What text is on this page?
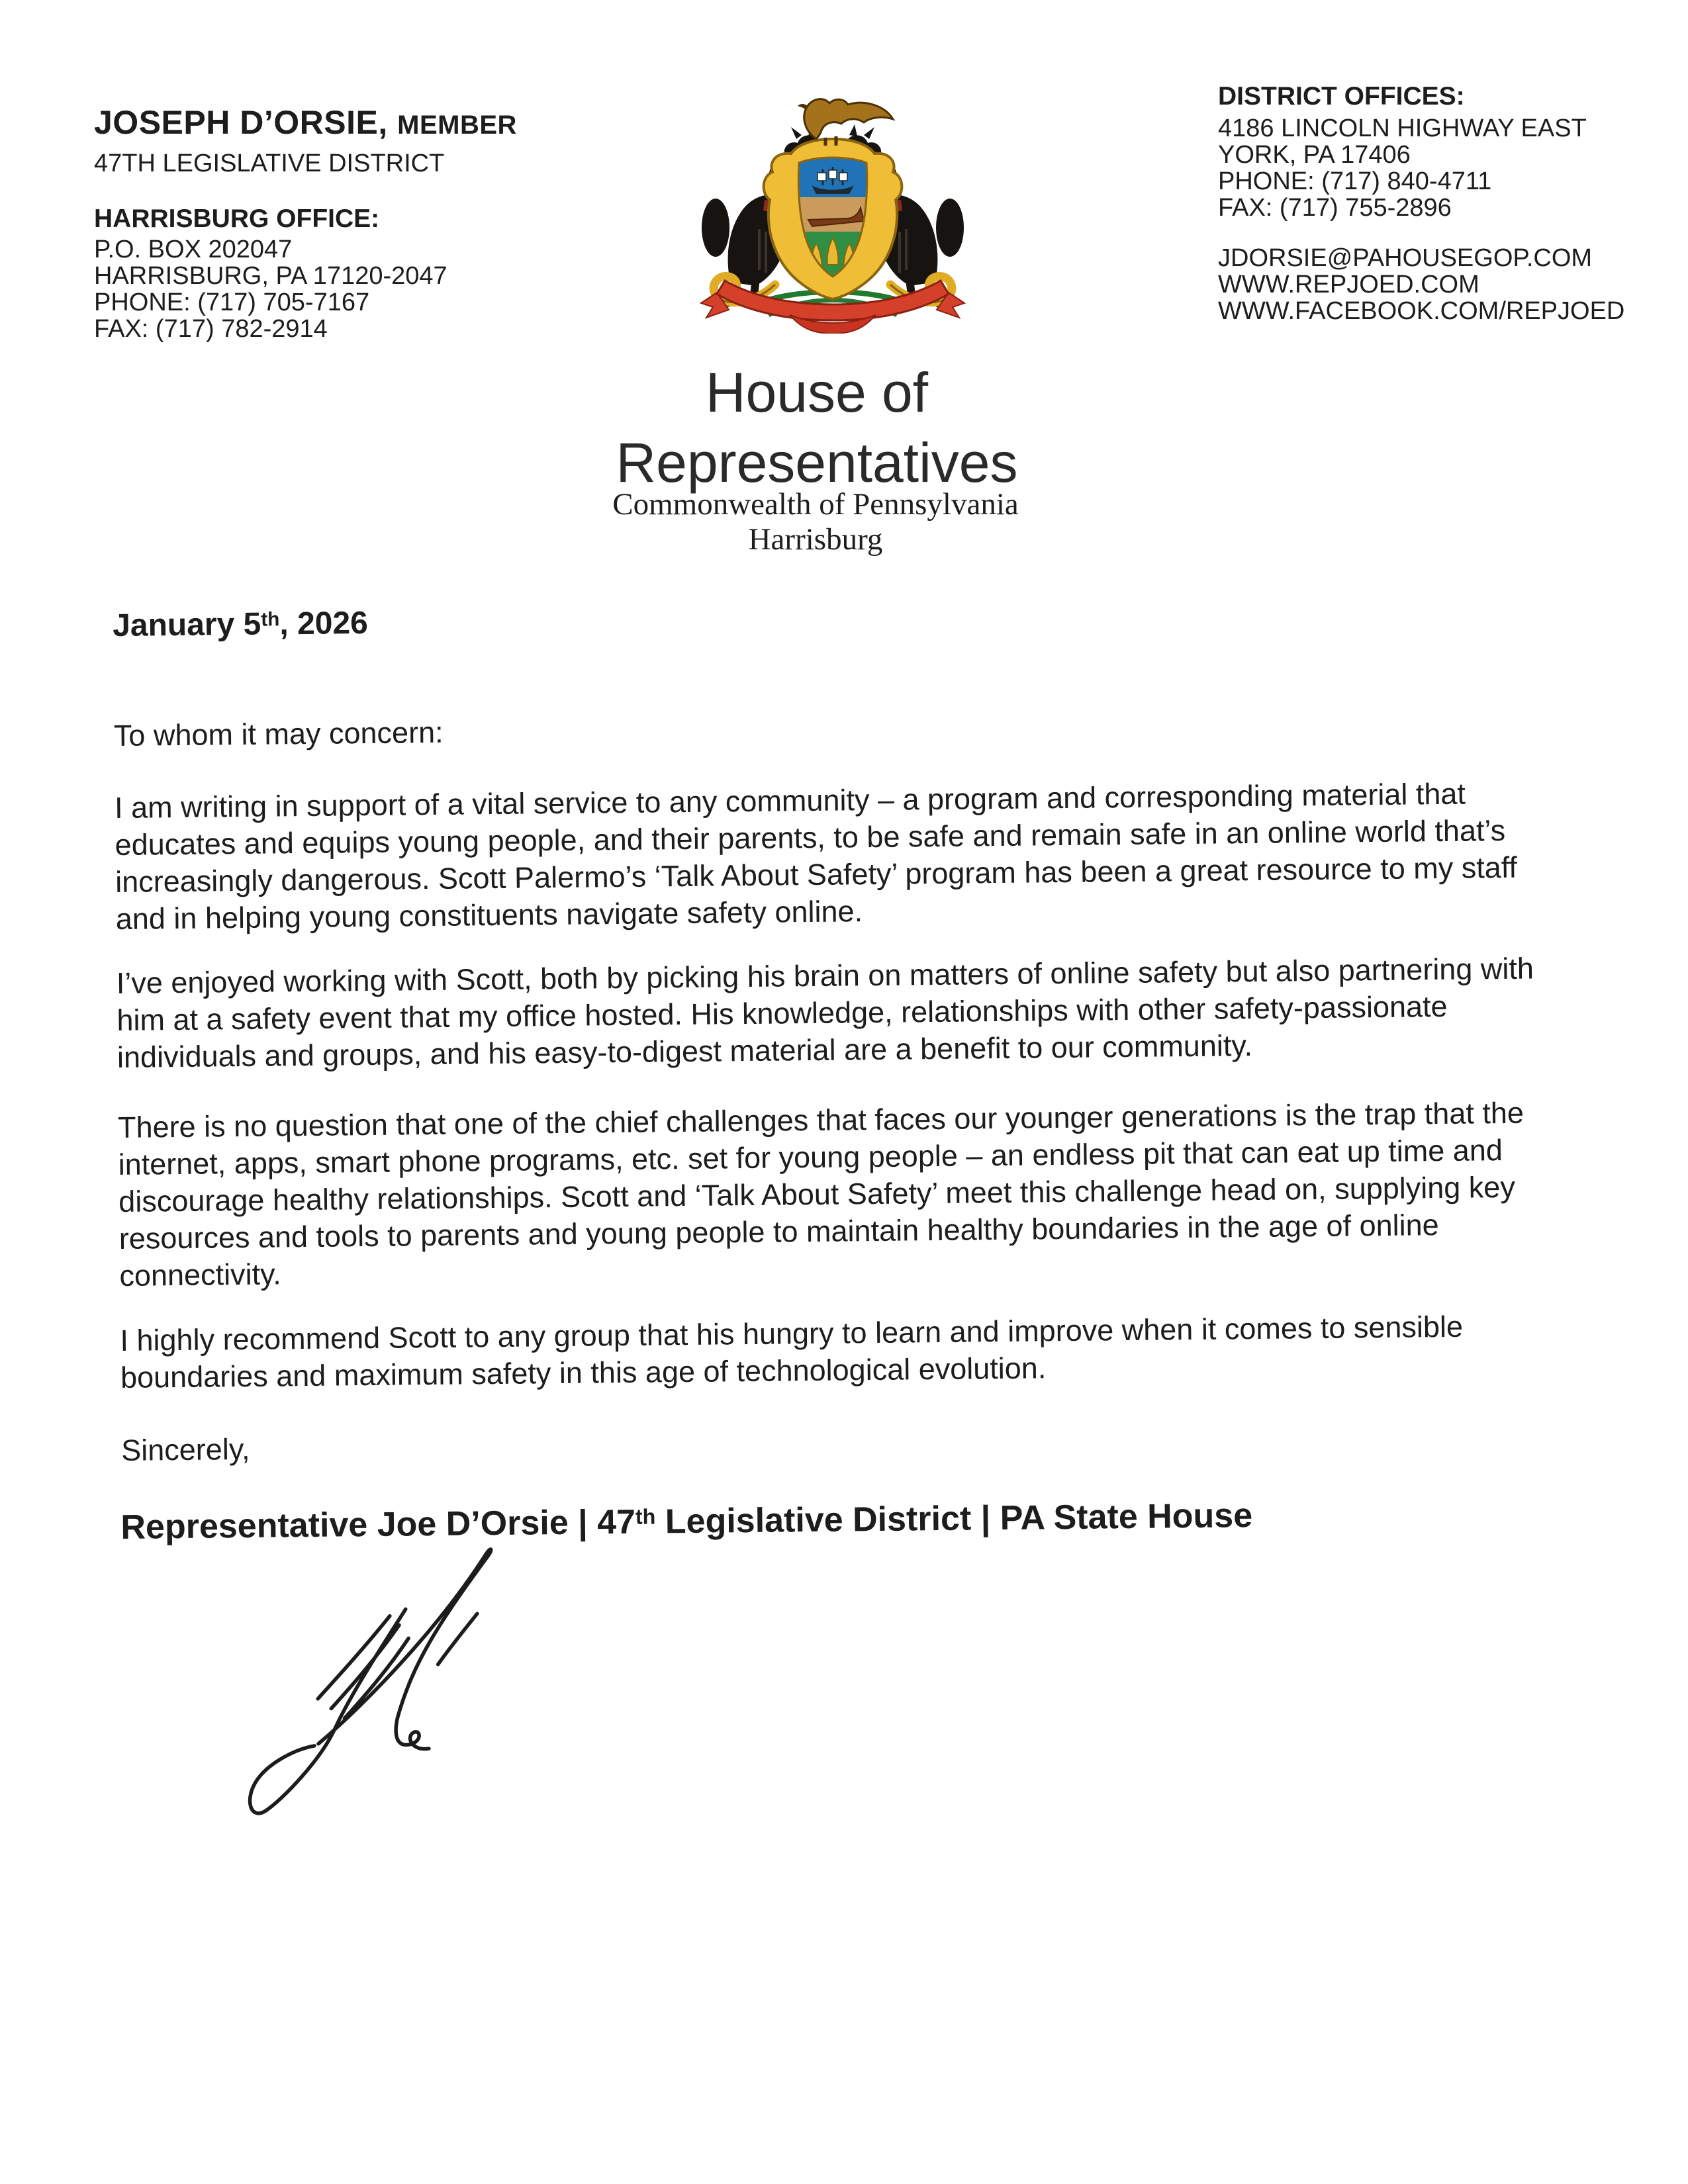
JOSEPH D’ORSIE, MEMBER
47TH LEGISLATIVE DISTRICT
HARRISBURG OFFICE:
P.O. BOX 202047
HARRISBURG, PA 17120-2047
PHONE: (717) 705-7167
FAX: (717) 782-2914
DISTRICT OFFICES:
4186 LINCOLN HIGHWAY EAST
YORK, PA 17406
PHONE: (717) 840-4711
FAX: (717) 755-2896
JDORSIE@PAHOUSEGOP.COM
WWW.REPJOED.COM
WWW.FACEBOOK.COM/REPJOED
House of
Representatives
Commonwealth of Pennsylvania
Harrisburg
January 5th, 2026
To whom it may concern:
I am writing in support of a vital service to any community – a program and corresponding material that
educates and equips young people, and their parents, to be safe and remain safe in an online world that’s
increasingly dangerous. Scott Palermo’s ‘Talk About Safety’ program has been a great resource to my staff
and in helping young constituents navigate safety online.
I’ve enjoyed working with Scott, both by picking his brain on matters of online safety but also partnering with
him at a safety event that my office hosted. His knowledge, relationships with other safety-passionate
individuals and groups, and his easy-to-digest material are a benefit to our community.
There is no question that one of the chief challenges that faces our younger generations is the trap that the
internet, apps, smart phone programs, etc. set for young people – an endless pit that can eat up time and
discourage healthy relationships. Scott and ‘Talk About Safety’ meet this challenge head on, supplying key
resources and tools to parents and young people to maintain healthy boundaries in the age of online
connectivity.
I highly recommend Scott to any group that his hungry to learn and improve when it comes to sensible
boundaries and maximum safety in this age of technological evolution.
Sincerely,
Representative Joe D’Orsie | 47th Legislative District | PA State House
